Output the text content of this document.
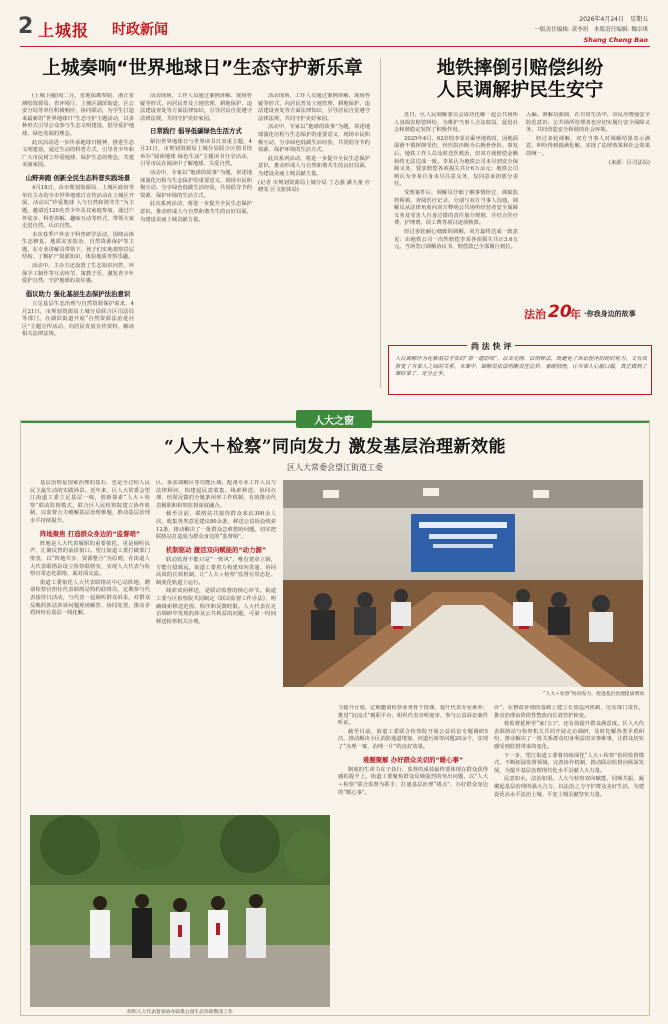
2 上城报 时政新闻
2026年4月24日　星期五
一版责任编辑: 黄李玥　本版责任编辑: 魏卓琪
Shang Cheng Bao
上城奏响“世界地球日”生态守护新乐章

(上城卫融)周二月，省地质勘察院、浙江省测绘资源局、省环境厅，上城区湖滨街道、区公安分局等单位积极响应，协同联动，为学生打造来最新的“世界地球日”生态守护主题活动，以多种形式引导公众参与生态文明建设，倡导爱护地球、绿色发展的理念。

此次活动进一步传承地球日精神，推进生态文明建设，通过生动的科普方式，引导青少年和广大市民树立珍爱地球、保护生态的理念，共建美丽家园。

山野奔跑 创新全民生态科普实践场景

4月18日，由市规划资源局、上城区政府等单位主办的全市世界地球日宣传活动在上城区开展，活动以“珍爱地球 人与自然和谐共生”为主题，邀请近120名青少年及其家庭参加，通过户外徒步、科普讲解、趣味互动等形式，带领大家走进自然、认识自然。

本次春季户外亲子科普研学活动，围绕山体生态修复、地质灾害防治、自然资源保护等主题，在专业讲解员带领下，孩子们实地观察岩层结构、了解矿产资源知识，体验地质考察乐趣。

活动中，主办方还设置了生态知识问答、环保手工制作等互动环节，寓教于乐，激发青少年爱护自然、守护地球的责任感。

倡议助力 强化基层生态保护法治意识

立足基层生态治理与自然资源保护需求，4月21日，市规划资源局上城分局联合区司法局等部门，在湖滨街道开展“自然资源法治进社区”主题宣传活动，向居民发放宣传资料，解读相关法律法规。

活动现场，工作人员通过案例讲解、现场答疑等形式，向居民普及土地管理、耕地保护、违法建设查处等方面法律知识，引导居民自觉遵守法律法规，共同守护美好家园。

日常践行 倡导低碳绿色生活方式

紧扣世界地球日与世界读书日双重主题，4月21日，市规划资源局上城分局联合区图书馆举办“阅读地球 绿色生活”主题读书分享活动，引导市民在阅读中了解地球、关爱自然。

活动中，专家以“地球的故事”为题，讲述地球演化历程与生态保护的重要意义，现场市民积极互动，分享绿色低碳生活经验，共同倡导节约资源、保护环境的生活方式。

此次系列活动，将进一步提升全民生态保护意识，推动形成人与自然和谐共生的良好局面，为建设美丽上城贡献力量。

活动现场，工作人员通过案例讲解、现场答疑等形式，向居民普及土地管理、耕地保护、违法建设查处等方面法律知识，引导居民自觉遵守法律法规，共同守护美好家园。

活动中，专家以“地球的故事”为题，讲述地球演化历程与生态保护的重要意义，现场市民积极互动，分享绿色低碳生活经验，共同倡导节约资源、保护环境的生活方式。

此次系列活动，将进一步提升全民生态保护意识，推动形成人与自然和谐共生的良好局面，为建设美丽上城贡献力量。

(记者 市规划资源局上城分局 丁志强 潘九童 应晓雯 区文旅体局)

地铁摔倒引赔偿纠纷
人民调解护民生安宁

近日，区人民调解委员会成功化解一起公共场所人身损害赔偿纠纷，为维护当事人合法权益、促进社会和谐稳定发挥了积极作用。

2025年4月，62岁的李某在乘坐地铁时，因地面湿滑不慎摔倒受伤，经医院诊断为右腕骨骨折。事发后，地铁工作人员及时送医救治，但双方就赔偿金额始终无法达成一致。李某认为地铁公司未尽到安全保障义务，要求赔偿各项损失共计6万余元；地铁公司则认为李某自身未尽注意义务，仅同意承担部分责任。

受理案件后，调解员仔细了解事情经过，调取监控视频，查阅医疗记录，分别与双方当事人沟通。调解员从法律角度向双方释明公共场所经营者安全保障义务及受害人自身过错的责任划分规则，并结合医疗费、护理费、误工费等项目逐项核算。

经过多轮耐心细致的调解，双方最终达成一致意见：由地铁公司一次性赔偿李某各项损失共计3.6万元。当场签订调解协议书，赔偿款已全部履行到位。

入偏。调解员强调，在日常生活中，市民应增强安全防范意识；公共场所管理者也应切实履行安全保障义务，共同营造安全和谐的社会环境。

经过多轮调解，双方当事人对调解结果表示满意，纠纷得到圆满化解，实现了法律效果和社会效果的统一。

(来源：区司法局)

法治 20
年 ·你我身边的故事
尚 法 快 评
人民调解作为化解基层矛盾的“第一道防线”，以柔克刚、以情释法，既避免了诉讼程序的耗时耗力，又有效修复了当事人之间的关系。本案中，调解员依法明晰责任边界，兼顾情理，让当事人心服口服，真正做到了案结事了、定分止争。
人大之窗
“人大＋检察”同向发力 激发基层治理新效能
区人大常委会望江街道工委

基层治理是国家治理的基石，也是全过程人民民主最生动的实践场景。近年来，区人大常委会望江街道工委立足基层一线，创新探索“人大＋检察”联动监督模式，联合区人民检察院建立协作机制，以监督合力破解基层治理难题，推动基层治理水平持续提升。

阵地聚焦 打造群众身边的“监督哨”

阵地是人大代表履职的重要依托，更是倾听民声、汇聚民智的前沿窗口。望江街道工委打破部门壁垒，以“阵地共享、资源整合”为原则，在街道人大代表联络站设立检察联络室，实现人大代表与检察官常态化联络、面对面交流。

街道工委依托人大代表联络站中心站阵地，聘请检察官担任代表联络站特约联络员，定期参与代表接待日活动，与代表一起倾听群众诉求，对群众反映的涉法涉诉问题现场解答、协同处置，推动矛盾纠纷在基层一线化解。

区、诉求调解区等功能区域，配备专业工作人员与法律顾问，构建起民意收集、线索移送、协同办理、结果反馈的全链条闭环工作机制，有效推动代表履职和检察监督深度融合。

截至目前，联络站共接待群众来访300余人次，收集各类意见建议80余条，移送公益诉讼线索12条，推动解决了一批群众急难愁盼问题，切实把联络站打造成为群众身边的“监督哨”。

机制驱动 激活双向赋能的“动力源”

联动监督不能只是“一阵风”，唯有建章立制，方能行稳致远。街道工委着力构建双向贯通、协同高效的长效机制，让“人大＋检察”监督在常态化、制度化轨道上运行。

线索双向移送，是联动监督的核心环节。街道工委与区检察院共同制定《联动监督工作办法》，明确线索移送范围、程序和反馈时限。人大代表在走访调研中发现的涉及公共利益的问题，可第一时间移送检察机关办理。

“人大＋检察”协同发力，促进基层治理提质增效
组织人大代表督查协办联系公园生态环保整改工作

力提升计划，定期邀请检察业务骨干授课，提升代表专业素养；推进“沉浸式”履职平台，组织代表旁听庭审、参与公益诉讼案件听证。

截至目前，街道工委联合检察院开展公益诉讼专题调研5次，推动解决小区消防通道堵塞、河道污染等问题20余个，实现了“办理一案、治理一片”的良好效果。

难题聚解 办好群众关切的“暖心事”

制度的生命力在于执行，监督的成效最终要体现在群众获得感的提升上。街道工委聚焦群众反映强烈的突出问题，以“人大＋检察”联合监督为抓手，打通基层治理“堵点”，办好群众身边的“暖心事”。

诊”，在修改补缮的基础上建立长效巡河机制，压实部门责任，推动治理由阶段性整改向长效管护转变。

将监督延伸至“家门口”，还有效提升群众满意度。区人大代表联络站与检察机关共同开展走访调研，及时化解各类矛盾纠纷，推动解决了一批关系群众切身利益的实事难事，让群众切实感受到监督带来的变化。

下一步，望江街道工委将持续深化“人大＋检察”协同监督模式，不断拓展监督领域，完善协作机制，推动联动监督向纵深发展，为提升基层治理现代化水平贡献人大力量。

民意如水，法治如渠。人大与检察双向赋能，同频共振，凝聚起基层治理的强大合力，以法治之力守护群众美好生活，为建设更高水平法治上城、平安上城贡献坚实力量。
